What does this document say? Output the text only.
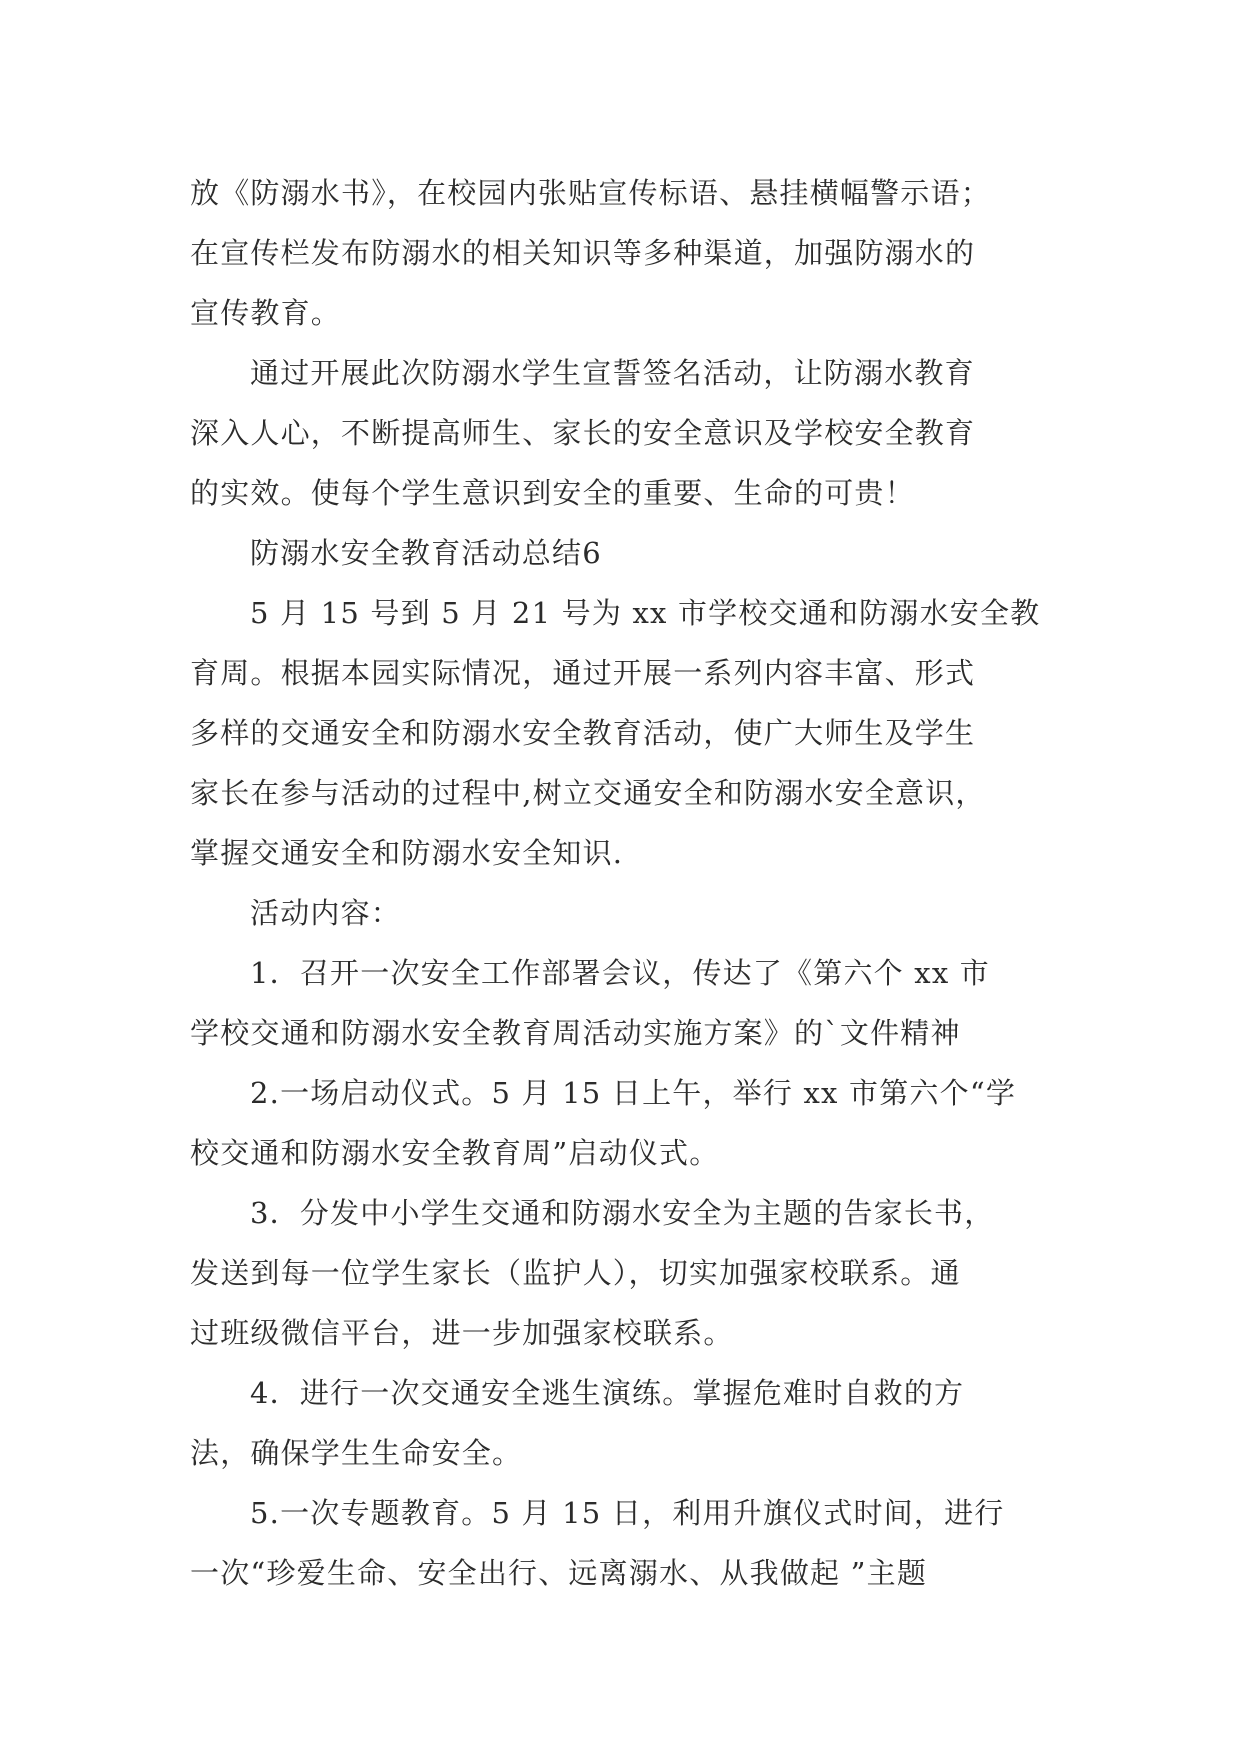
放《防溺水书》，在校园内张贴宣传标语、悬挂横幅警示语；
在宣传栏发布防溺水的相关知识等多种渠道，加强防溺水的
宣传教育。
通过开展此次防溺水学生宣誓签名活动，让防溺水教育
深入人心，不断提高师生、家长的安全意识及学校安全教育
的实效。使每个学生意识到安全的重要、生命的可贵！
防溺水安全教育活动总结6
5 月 15 号到 5 月 21 号为 xx 市学校交通和防溺水安全教
育周。根据本园实际情况，通过开展一系列内容丰富、形式
多样的交通安全和防溺水安全教育活动，使广大师生及学生
家长在参与活动的过程中,树立交通安全和防溺水安全意识，
掌握交通安全和防溺水安全知识.
活动内容：
1．召开一次安全工作部署会议，传达了《第六个 xx 市
学校交通和防溺水安全教育周活动实施方案》的`文件精神
2.一场启动仪式。5 月 15 日上午，举行 xx 市第六个“学
校交通和防溺水安全教育周”启动仪式。
3．分发中小学生交通和防溺水安全为主题的告家长书，
发送到每一位学生家长（监护人），切实加强家校联系。通
过班级微信平台，进一步加强家校联系。
4．进行一次交通安全逃生演练。掌握危难时自救的方
法，确保学生生命安全。
5.一次专题教育。5 月 15 日，利用升旗仪式时间，进行
一次“珍爱生命、安全出行、远离溺水、从我做起 ”主题
